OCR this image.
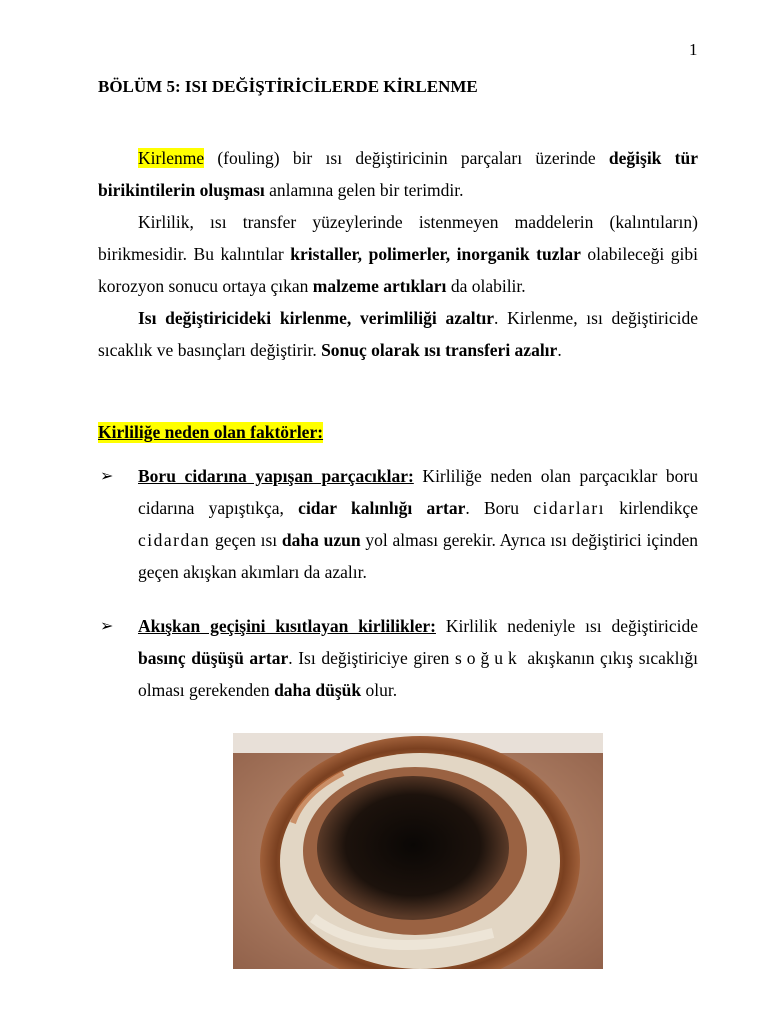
1
BÖLÜM 5: ISI DEĞİŞTİRİCİLERDE KİRLENME
Kirlenme (fouling) bir ısı değiştiricinin parçaları üzerinde değişik tür birikintilerin oluşması anlamına gelen bir terimdir.
Kirlilik, ısı transfer yüzeylerinde istenmeyen maddelerin (kalıntıların) birikmesidir. Bu kalıntılar kristaller, polimerler, inorganik tuzlar olabileceği gibi korozyon sonucu ortaya çıkan malzeme artıkları da olabilir.
Isı değiştiricideki kirlenme, verimliliği azaltır. Kirlenme, ısı değiştiricide sıcaklık ve basınçları değiştirir. Sonuç olarak ısı transferi azalır.
Kirliliğe neden olan faktörler:
➢ Boru cidarına yapışan parçacıklar: Kirliliğe neden olan parçacıklar boru cidarına yapıştıkça, cidar kalınlığı artar. Boru cidarları kirlendikçe cidardan geçen ısı daha uzun yol alması gerekir. Ayrıca ısı değiştirici içinden geçen akışkan akımları da azalır.
➢ Akışkan geçişini kısıtlayan kirlilikler: Kirlilik nedeniyle ısı değiştiricide basınç düşüşü artar. Isı değiştiriciye giren soğuk akışkanın çıkış sıcaklığı olması gerekenden daha düşük olur.
